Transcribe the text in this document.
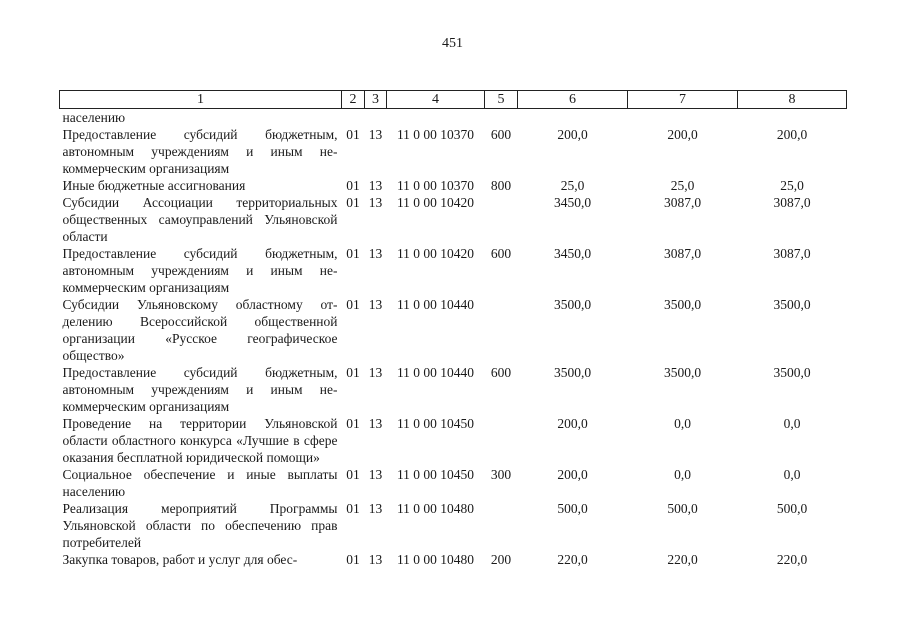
451
1	2	3	4	5	6	7	8
населению							
Предоставление субсидий бюджетным, автономным учреждениям и иным некоммерческим организациям	01	13	11 0 00 10370	600	200,0	200,0	200,0
Иные бюджетные ассигнования	01	13	11 0 00 10370	800	25,0	25,0	25,0
Субсидии Ассоциации территориальных общественных самоуправлений Ульяновской области	01	13	11 0 00 10420		3450,0	3087,0	3087,0
Предоставление субсидий бюджетным, автономным учреждениям и иным некоммерческим организациям	01	13	11 0 00 10420	600	3450,0	3087,0	3087,0
Субсидии Ульяновскому областному отделению Всероссийской общественной организации «Русское географическое общество»	01	13	11 0 00 10440		3500,0	3500,0	3500,0
Предоставление субсидий бюджетным, автономным учреждениям и иным некоммерческим организациям	01	13	11 0 00 10440	600	3500,0	3500,0	3500,0
Проведение на территории Ульяновской области областного конкурса «Лучшие в сфере оказания бесплатной юридической помощи»	01	13	11 0 00 10450		200,0	0,0	0,0
Социальное обеспечение и иные выплаты населению	01	13	11 0 00 10450	300	200,0	0,0	0,0
Реализация мероприятий Программы Ульяновской области по обеспечению прав потребителей	01	13	11 0 00 10480		500,0	500,0	500,0
Закупка товаров, работ и услуг для обес-	01	13	11 0 00 10480	200	220,0	220,0	220,0
